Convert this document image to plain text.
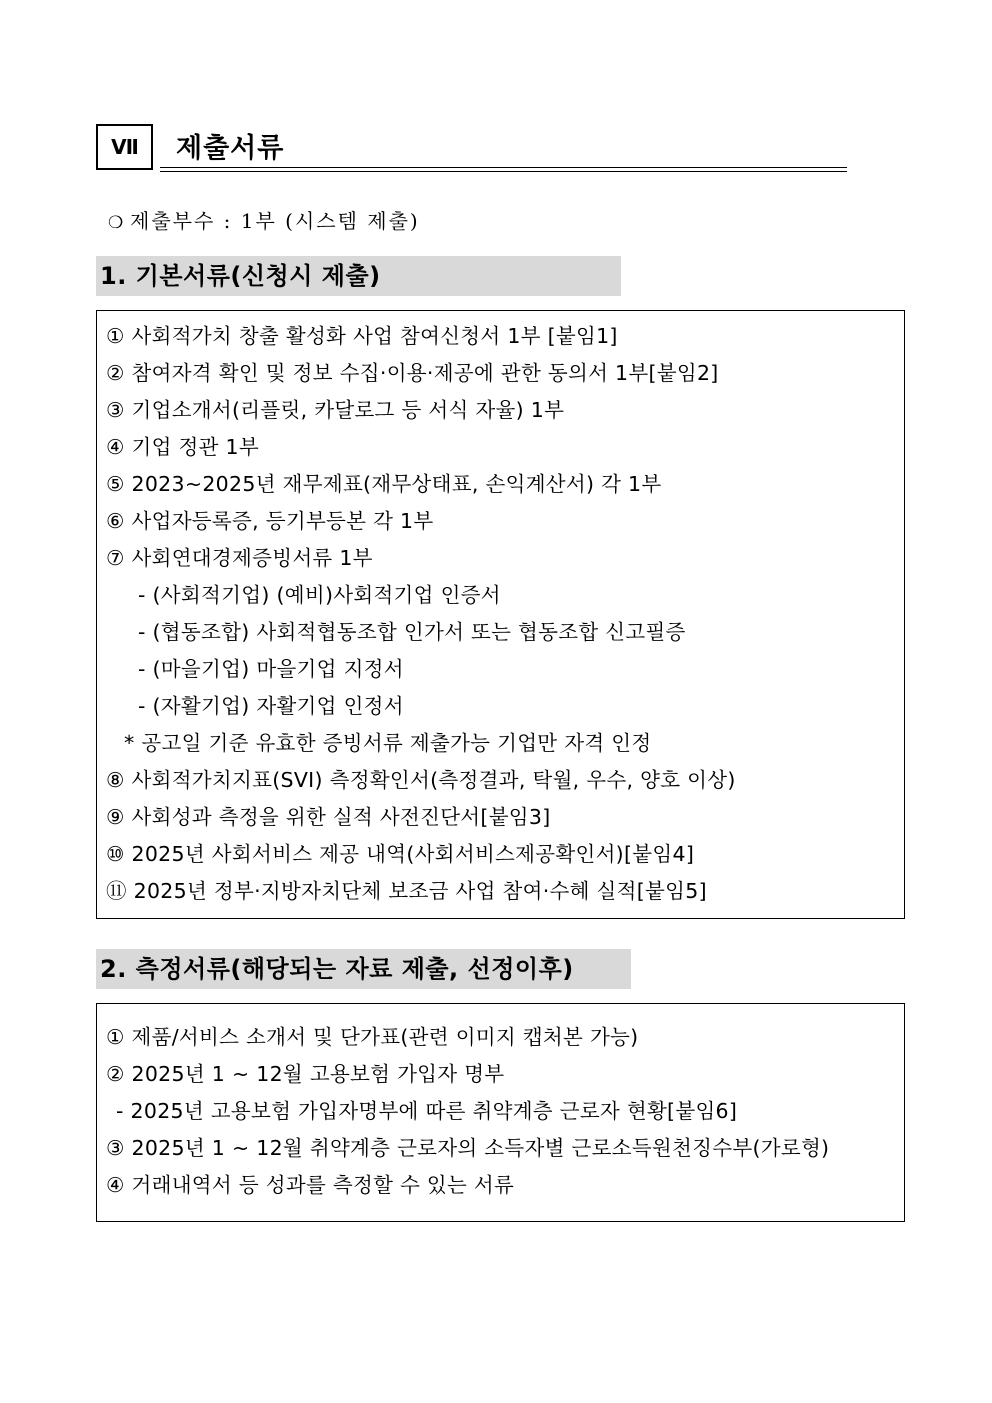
Ⅶ 제출서류
❍ 제출부수 : 1부 (시스템 제출)
1. 기본서류(신청시 제출)
① 사회적가치 창출 활성화 사업 참여신청서 1부 [붙임1]
② 참여자격 확인 및 정보 수집·이용·제공에 관한 동의서 1부[붙임2]
③ 기업소개서(리플릿, 카달로그 등 서식 자율) 1부
④ 기업 정관 1부
⑤ 2023~2025년 재무제표(재무상태표, 손익계산서) 각 1부
⑥ 사업자등록증, 등기부등본 각 1부
⑦ 사회연대경제증빙서류 1부
- (사회적기업) (예비)사회적기업 인증서
- (협동조합) 사회적협동조합 인가서 또는 협동조합 신고필증
- (마을기업) 마을기업 지정서
- (자활기업) 자활기업 인정서
* 공고일 기준 유효한 증빙서류 제출가능 기업만 자격 인정
⑧ 사회적가치지표(SVI) 측정확인서(측정결과, 탁월, 우수, 양호 이상)
⑨ 사회성과 측정을 위한 실적 사전진단서[붙임3]
⑩ 2025년 사회서비스 제공 내역(사회서비스제공확인서)[붙임4]
⑪ 2025년 정부·지방자치단체 보조금 사업 참여·수혜 실적[붙임5]
2. 측정서류(해당되는 자료 제출, 선정이후)
① 제품/서비스 소개서 및 단가표(관련 이미지 캡처본 가능)
② 2025년 1 ~ 12월 고용보험 가입자 명부
- 2025년 고용보험 가입자명부에 따른 취약계층 근로자 현황[붙임6]
③ 2025년 1 ~ 12월 취약계층 근로자의 소득자별 근로소득원천징수부(가로형)
④ 거래내역서 등 성과를 측정할 수 있는 서류
